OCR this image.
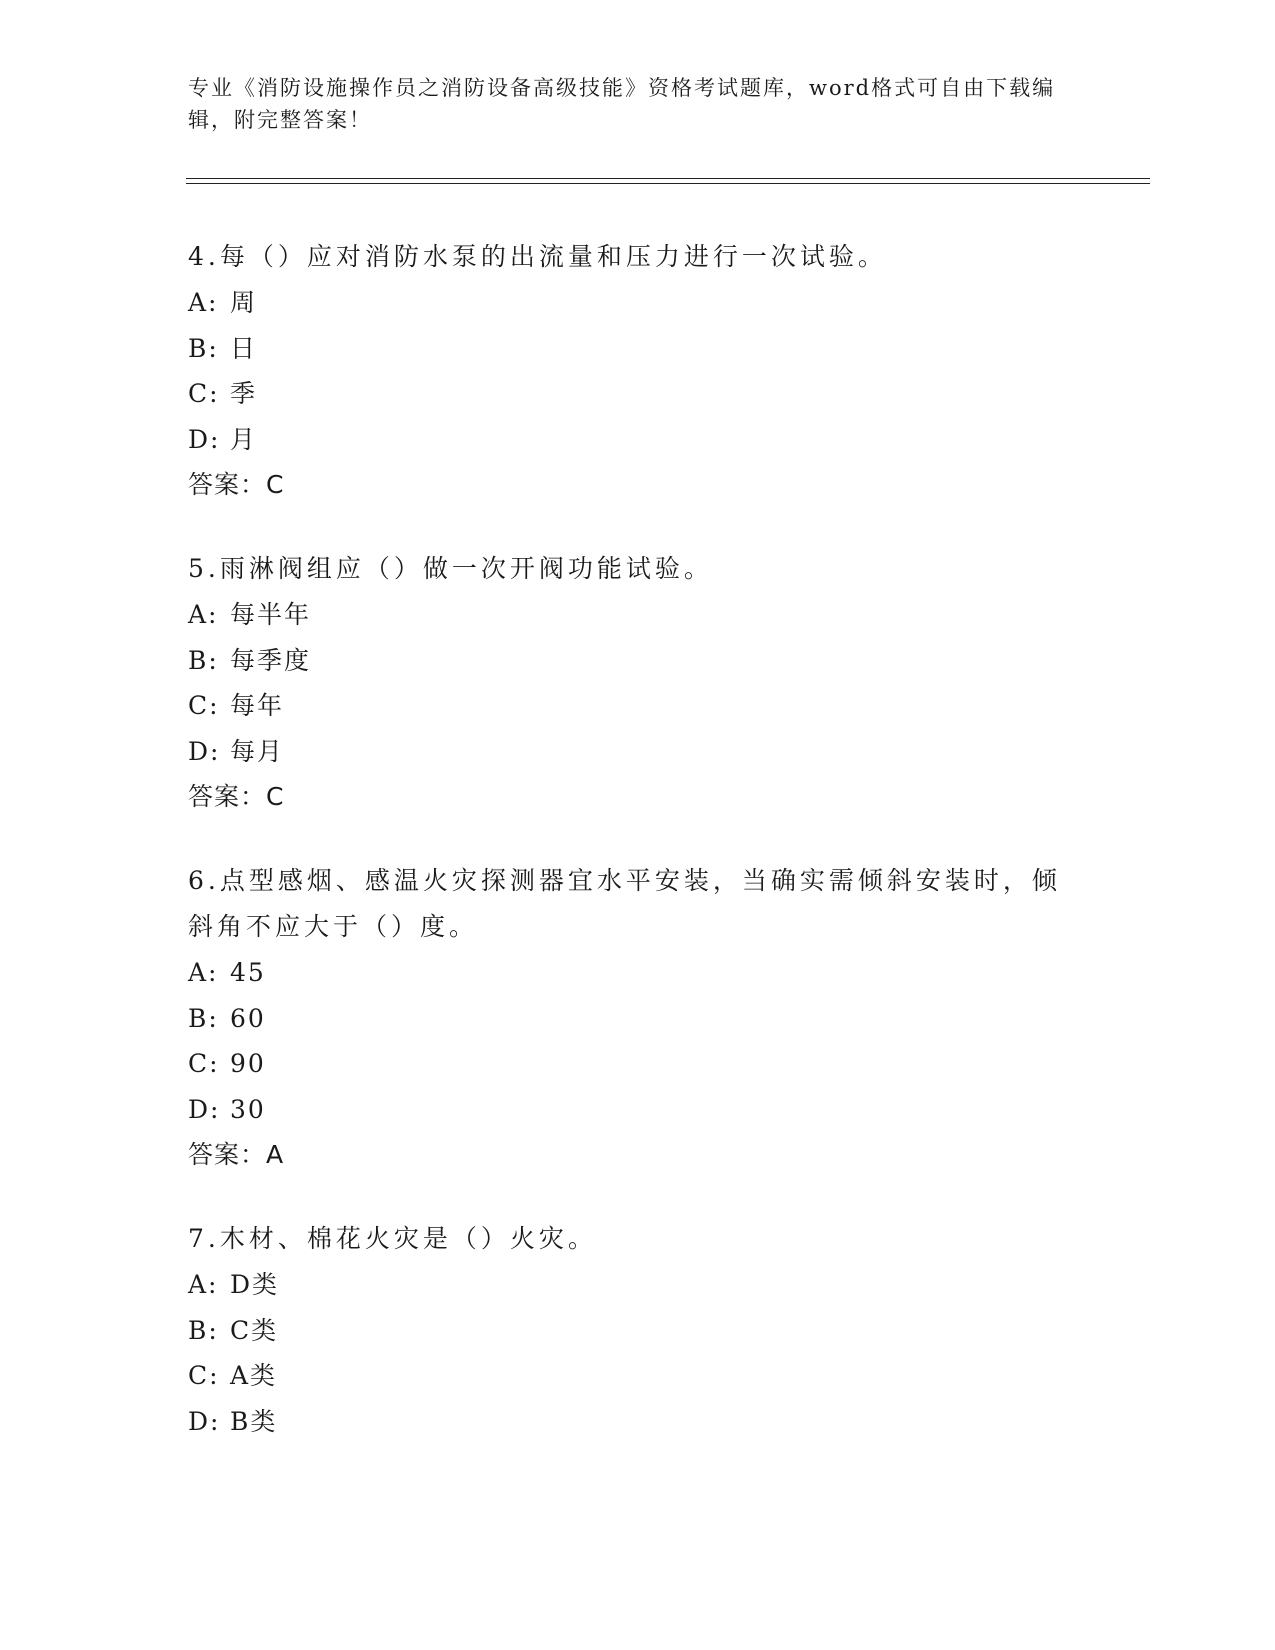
专业《消防设施操作员之消防设备高级技能》资格考试题库，word格式可自由下载编辑，附完整答案！

4.每（）应对消防水泵的出流量和压力进行一次试验。

A: 周

B: 日

C: 季

D: 月

答案：C

5.雨淋阀组应（）做一次开阀功能试验。

A: 每半年

B: 每季度

C: 每年

D: 每月

答案：C

6.点型感烟、感温火灾探测器宜水平安装，当确实需倾斜安装时，倾斜角不应大于（）度。

A: 45

B: 60

C: 90

D: 30

答案：A

7.木材、棉花火灾是（）火灾。

A: D类

B: C类

C: A类

D: B类
